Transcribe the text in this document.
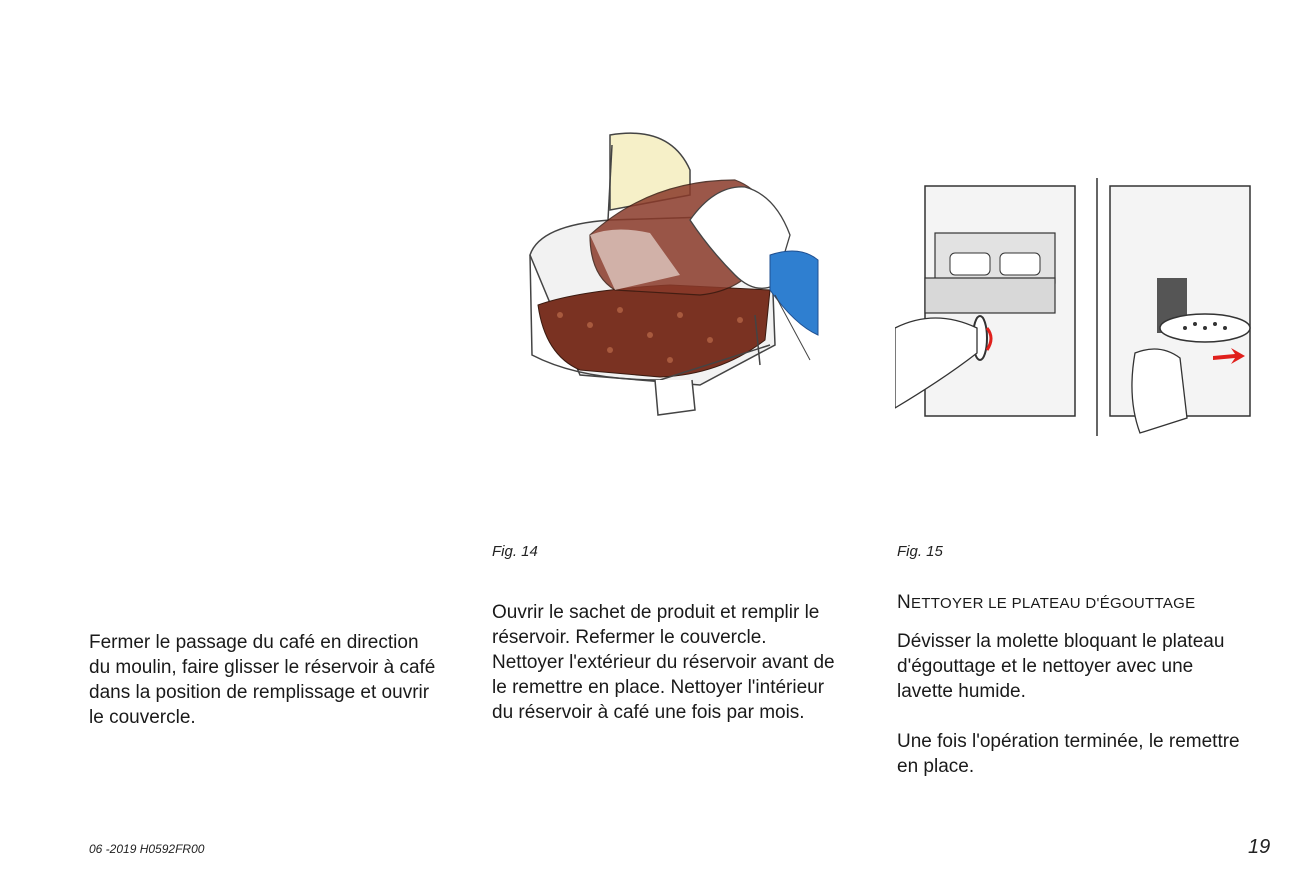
Fig. 14	Fig. 15
Fermer le passage du café en direction
du moulin, faire glisser le réservoir à café
dans la position de remplissage et ouvrir
le couvercle.
Ouvrir le sachet de produit et remplir le
réservoir. Refermer le couvercle.
Nettoyer l'extérieur du réservoir avant de
le remettre en place. Nettoyer l'intérieur
du réservoir à café une fois par mois.
NETTOYER LE PLATEAU D'ÉGOUTTAGE
Dévisser la molette bloquant le plateau
d'égouttage et le nettoyer avec une
lavette humide.
Une fois l'opération terminée, le remettre
en place.
06 -2019 H0592FR00	19
